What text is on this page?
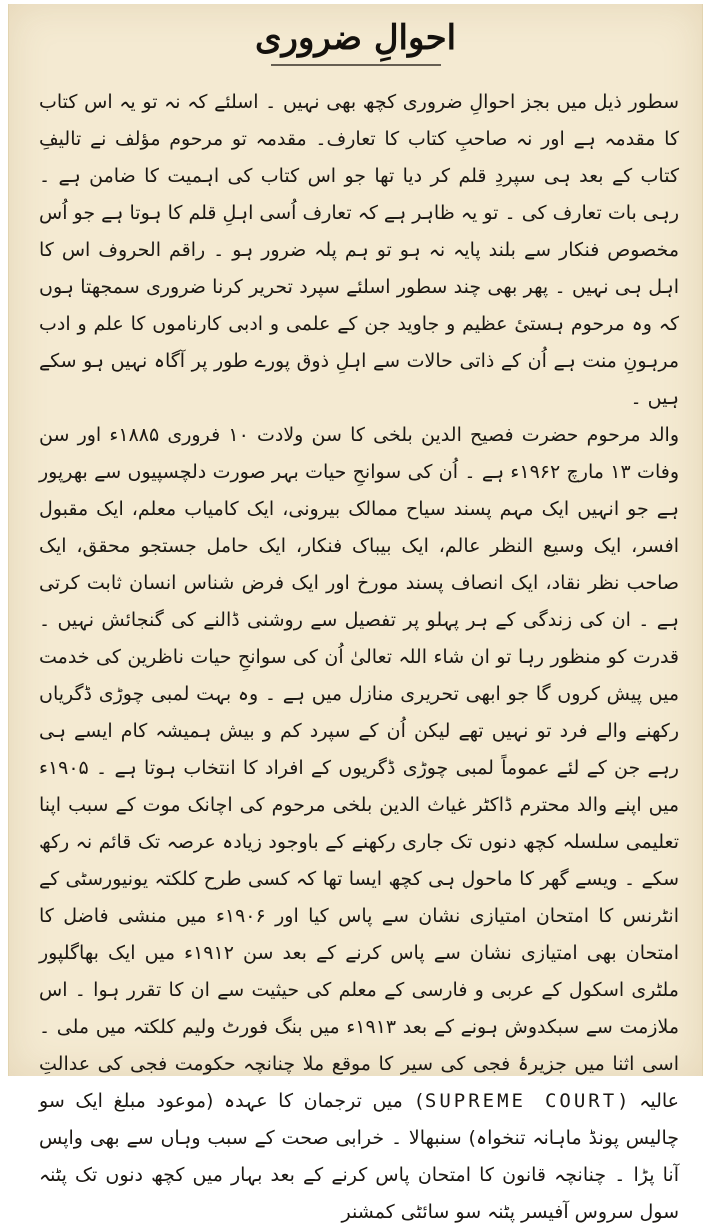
احوالِ ضروری

سطور ذیل میں بجز احوالِ ضروری کچھ بھی نہیں ۔ اسلئے کہ نہ تو یہ اس کتاب کا مقدمہ ہے اور نہ صاحبِ کتاب کا تعارف۔ مقدمہ تو مرحوم مؤلف نے تالیفِ کتاب کے بعد ہی سپردِ قلم کر دیا تھا جو اس کتاب کی اہمیت کا ضامن ہے ۔ رہی بات تعارف کی ۔ تو یہ ظاہر ہے کہ تعارف اُسی اہلِ قلم کا ہوتا ہے جو اُس مخصوص فنکار سے بلند پایہ نہ ہو تو ہم پلہ ضرور ہو ۔ راقم الحروف اس کا اہل ہی نہیں ۔ پھر بھی چند سطور اسلئے سپرد تحریر کرنا ضروری سمجھتا ہوں کہ وہ مرحوم ہستیٔ عظیم و جاوید جن کے علمی و ادبی کارناموں کا علم و ادب مرہونِ منت ہے اُن کے ذاتی حالات سے اہلِ ذوق پورے طور پر آگاہ نہیں ہو سکے ہیں ۔

والد مرحوم حضرت فصیح الدین بلخی کا سن ولادت ۱۰ فروری ۱۸۸۵ء اور سن وفات ۱۳ مارچ ۱۹۶۲ء ہے ۔ اُن کی سوانحِ حیات بہر صورت دلچسپیوں سے بھرپور ہے جو انہیں ایک مہم پسند سیاح ممالک بیرونی، ایک کامیاب معلم، ایک مقبول افسر، ایک وسیع النظر عالم، ایک بیباک فنکار، ایک حامل جستجو محقق، ایک صاحب نظر نقاد، ایک انصاف پسند مورخ اور ایک فرض شناس انسان ثابت کرتی ہے ۔ ان کی زندگی کے ہر پہلو پر تفصیل سے روشنی ڈالنے کی گنجائش نہیں ۔ قدرت کو منظور رہا تو ان شاء اللہ تعالیٰ اُن کی سوانحِ حیات ناظرین کی خدمت میں پیش کروں گا جو ابھی تحریری منازل میں ہے ۔ وہ بہت لمبی چوڑی ڈگریاں رکھنے والے فرد تو نہیں تھے لیکن اُن کے سپرد کم و بیش ہمیشہ کام ایسے ہی رہے جن کے لئے عموماً لمبی چوڑی ڈگریوں کے افراد کا انتخاب ہوتا ہے ۔ ۱۹۰۵ء میں اپنے والد محترم ڈاکٹر غیاث الدین بلخی مرحوم کی اچانک موت کے سبب اپنا تعلیمی سلسلہ کچھ دنوں تک جاری رکھنے کے باوجود زیادہ عرصہ تک قائم نہ رکھ سکے ۔ ویسے گھر کا ماحول ہی کچھ ایسا تھا کہ کسی طرح کلکتہ یونیورسٹی کے انٹرنس کا امتحان امتیازی نشان سے پاس کیا اور ۱۹۰۶ء میں منشی فاضل کا امتحان بھی امتیازی نشان سے پاس کرنے کے بعد سن ۱۹۱۲ء میں ایک بھاگلپور ملٹری اسکول کے عربی و فارسی کے معلم کی حیثیت سے ان کا تقرر ہوا ۔ اس ملازمت سے سبکدوش ہونے کے بعد ۱۹۱۳ء میں بنگ فورٹ ولیم کلکتہ میں ملی ۔ اسی اثنا میں جزیرۂ فجی کی سیر کا موقع ملا چنانچہ حکومت فجی کی عدالتِ عالیہ (SUPREME COURT) میں ترجمان کا عہدہ (موعود مبلغ ایک سو چالیس پونڈ ماہانہ تنخواہ) سنبھالا ۔ خرابی صحت کے سبب وہاں سے بھی واپس آنا پڑا ۔ چنانچہ قانون کا امتحان پاس کرنے کے بعد بہار میں کچھ دنوں تک پٹنہ سول سروس آفیسر پٹنہ سو سائٹی کمشنر
